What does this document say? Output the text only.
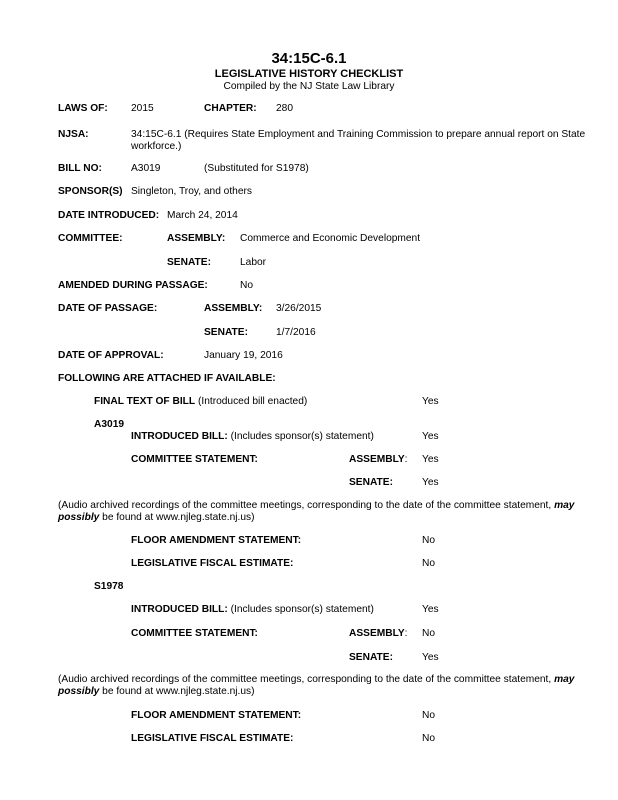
34:15C-6.1
LEGISLATIVE HISTORY CHECKLIST
Compiled by the NJ State Law Library
LAWS OF: 2015	CHAPTER: 280
NJSA:	34:15C-6.1 (Requires State Employment and Training Commission to prepare annual report on State workforce.)
BILL NO:	A3019	(Substituted for S1978)
SPONSOR(S) Singleton, Troy, and others
DATE INTRODUCED: March 24, 2014
COMMITTEE:	ASSEMBLY: Commerce and Economic Development
SENATE:	Labor
AMENDED DURING PASSAGE:	No
DATE OF PASSAGE:	ASSEMBLY: 3/26/2015
SENATE:	1/7/2016
DATE OF APPROVAL:	January 19, 2016
FOLLOWING ARE ATTACHED IF AVAILABLE:
FINAL TEXT OF BILL (Introduced bill enacted)	Yes
A3019
INTRODUCED BILL: (Includes sponsor(s) statement)	Yes
COMMITTEE STATEMENT:	ASSEMBLY: Yes
SENATE:	Yes
(Audio archived recordings of the committee meetings, corresponding to the date of the committee statement, may possibly be found at www.njleg.state.nj.us)
FLOOR AMENDMENT STATEMENT:	No
LEGISLATIVE FISCAL ESTIMATE:	No
S1978
INTRODUCED BILL: (Includes sponsor(s) statement)	Yes
COMMITTEE STATEMENT:	ASSEMBLY: No
SENATE:	Yes
(Audio archived recordings of the committee meetings, corresponding to the date of the committee statement, may possibly be found at www.njleg.state.nj.us)
FLOOR AMENDMENT STATEMENT:	No
LEGISLATIVE FISCAL ESTIMATE:	No
